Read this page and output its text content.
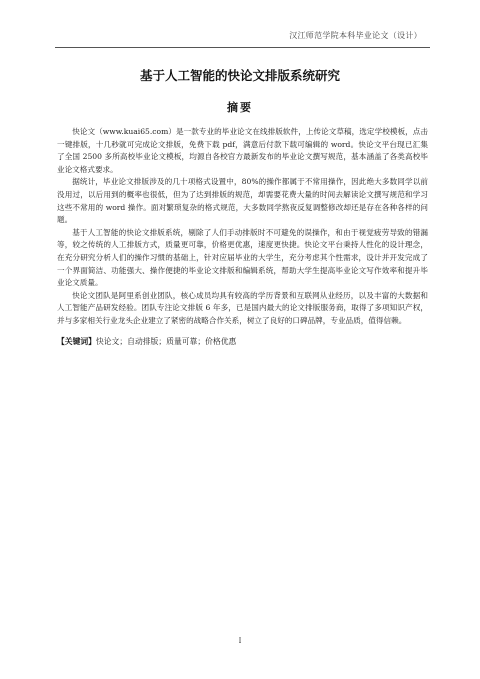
汉江师范学院本科毕业论文（设计）
基于人工智能的快论文排版系统研究
摘要

快论文（www.kuai65.com）是一款专业的毕业论文在线排版软件，上传论文草稿，选定学校模板，点击一键排版，十几秒就可完成论文排版，免费下载 pdf，满意后付款下载可编辑的 word。快论文平台现已汇集了全国 2500 多所高校毕业论文模板，均源自各校官方最新发布的毕业论文撰写规范，基本涵盖了各类高校毕业论文格式要求。

据统计，毕业论文排版涉及的几十项格式设置中，80%的操作都属于不常用操作，因此绝大多数同学以前没用过，以后用到的概率也很低，但为了达到排版的规范，却需要花费大量的时间去解读论文撰写规范和学习这些不常用的 word 操作。面对繁琐复杂的格式规范，大多数同学熬夜反复调整修改却还是存在各种各样的问题。

基于人工智能的快论文排版系统，剔除了人们手动排版时不可避免的误操作，和由于视觉疲劳导致的错漏等，较之传统的人工排版方式，质量更可靠，价格更优惠，速度更快捷。快论文平台秉持人性化的设计理念，在充分研究分析人们的操作习惯的基础上，针对应届毕业的大学生，充分考虑其个性需求，设计并开发完成了一个界面简洁、功能强大、操作便捷的毕业论文排版和编辑系统，帮助大学生提高毕业论文写作效率和提升毕业论文质量。

快论文团队是阿里系创业团队，核心成员均具有较高的学历背景和互联网从业经历，以及丰富的大数据和人工智能产品研发经验。团队专注论文排版 6 年多，已是国内最大的论文排版服务商，取得了多项知识产权，并与多家相关行业龙头企业建立了紧密的战略合作关系，树立了良好的口碑品牌，专业品质，值得信赖。

【关键词】快论文；自动排版；质量可靠；价格优惠
I
